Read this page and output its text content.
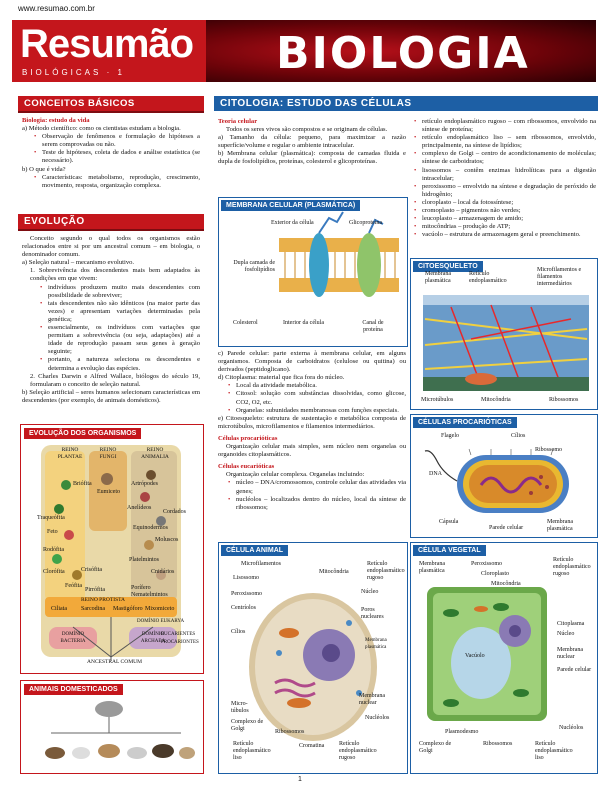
www.resumao.com.br
Resumão
BIOLÓGICAS · 1	BIOLOGIA
CONCEITOS BÁSICOS

Biologia: estudo da vida

a) Método científico: como os cientistas estudam a biologia.

• Observação de fenômenos e formulação de hipóteses a serem comprovadas ou não.
• Teste de hipóteses, coleta de dados e análise estatística (se necessário).

b) O que é vida?

• Características: metabolismo, reprodução, crescimento, movimento, resposta, organização complexa.
EVOLUÇÃO

Conceito segundo o qual todos os organismos estão relacionados entre si por um ancestral comum – em biologia, o denominador comum.

a) Seleção natural – mecanismo evolutivo.

1. Sobrevivência dos descendentes mais bem adaptados às condições em que vivem:

• indivíduos produzem muito mais descendentes com possibilidade de sobreviver;
• tais descendentes não são idênticos (na maior parte das vezes) e apresentam variações determinadas pela genética;
• essencialmente, os indivíduos com variações que permitam a sobrevivência (ou seja, adaptações) até a idade de reprodução passam seus genes à geração seguinte;
• portanto, a natureza seleciona os descendentes e determina a evolução das espécies.

2. Charles Darwin e Alfred Wallace, biólogos do século 19, formularam o conceito de seleção natural.

b) Seleção artificial – seres humanos selecionam características em descendentes (por exemplo, de animais domésticos).

EVOLUÇÃO DOS ORGANISMOS
REINO PLANTAE
REINO FUNGI
REINO ANIMALIA
Briófita
Traqueófita
Feto
Rodófita
Clorófita
Feófita
Crisófita
Pirrófita
Eumiceto
Artrópodes
Anelídeos
Cordados
Equinodermos
Moluscos
Platelmintos
Cnidários
Porífero Nematelmintos
REINO PROTISTA
Ciliata Sarcodina Mastigóforo Mixomiceto
DOMÍNIO EUKARYA
EUCARIENTES
PROCARIONTES
DOMÍNIO BACTERIA
DOMÍNIO ARCHAEA
ANCESTRAL COMUM
ANIMAIS DOMESTICADOS
CITOLOGIA: ESTUDO DAS CÉLULAS

Teoria celular

Todos os seres vivos são compostos e se originam de células.

a) Tamanho da célula: pequeno, para maximizar a razão superfície/volume e regular o ambiente intracelular.

b) Membrana celular (plasmática): composta de camadas fluida e dupla de fosfolipídios, proteínas, colesterol e glicoproteínas.

MEMBRANA CELULAR (PLASMÁTICA)
Exterior da célula	Glicoproteína
Dupla camada de fosfolipídios
Colesterol	Interior da célula	Canal de proteína

c) Parede celular: parte externa à membrana celular, em alguns organismos. Composta de carboidratos (celulose ou quitina) ou derivados (peptidoglicano).

d) Citoplasma: material que fica fora do núcleo.

• Local da atividade metabólica.
• Citosol: solução com substâncias dissolvidas, como glicose, CO2, O2, etc.
• Organelas: subunidades membranosas com funções especiais.

e) Citoesqueleto: estrutura de sustentação e metabólica composta de microtúbulos, microfilamentos e filamentos intermediários.

Células procarióticas

Organização celular mais simples, sem núcleo nem organelas ou organoides citoplasmáticos.

Células eucarióticas

Organização celular complexa. Organelas incluindo:

• núcleo – DNA/cromossomos, controle celular das atividades via genes;
• nucléolos – localizados dentro do núcleo, local da síntese de ribossomos;
• retículo endoplasmático rugoso – com ribossomos, envolvido na síntese de proteína;
• retículo endoplasmático liso – sem ribossomos, envolvido, principalmente, na síntese de lipídios;
• complexo de Golgi – centro de acondicionamento de moléculas; síntese de carboidratos;
• lisossomos – contêm enzimas hidrolíticas para a digestão intracelular;
• peroxissomo – envolvido na síntese e degradação de peróxido de hidrogênio;
• cloroplasto – local da fotossíntese;
• cromoplasto – pigmentos não verdes;
• leucoplasto – armazenagem de amido;
• mitocôndrias – produção de ATP;
• vacúolo – estrutura de armazenagem geral e preenchimento.
CITOESQUELETO
Membrana plasmática
Retículo endoplasmático
Microfilamentos e filamentos intermediários
Microtúbulos	Mitocôndria	Ribossomos
CÉLULAS PROCARIÓTICAS
Flagelo	Cílios
Ribossomo
DNA
Cápsula
Parede celular
Membrana plasmática
CÉLULA ANIMAL
Microfilamentos
Lisossomo
Peroxissomo
Centríolos
Cílios
Mitocôndria
Retículo endoplasmático rugoso
Núcleo
Poros nucleares
Membrana plasmática
Membrana nuclear
Nucléolos
Micro-túbulos
Complexo de Golgi
Retículo endoplasmático liso
Ribossomos
Cromatina Retículo endoplasmático rugoso
CÉLULA VEGETAL
Membrana plasmática
Peroxissomo
Cloroplasto
Mitocôndria
Retículo endoplasmático rugoso
Citoplasma
Núcleo
Vacúolo
Membrana nuclear
Parede celular
Nucléolos
Complexo de Golgi
Plasmodesmo
Ribossomos	Retículo endoplasmático liso
1
